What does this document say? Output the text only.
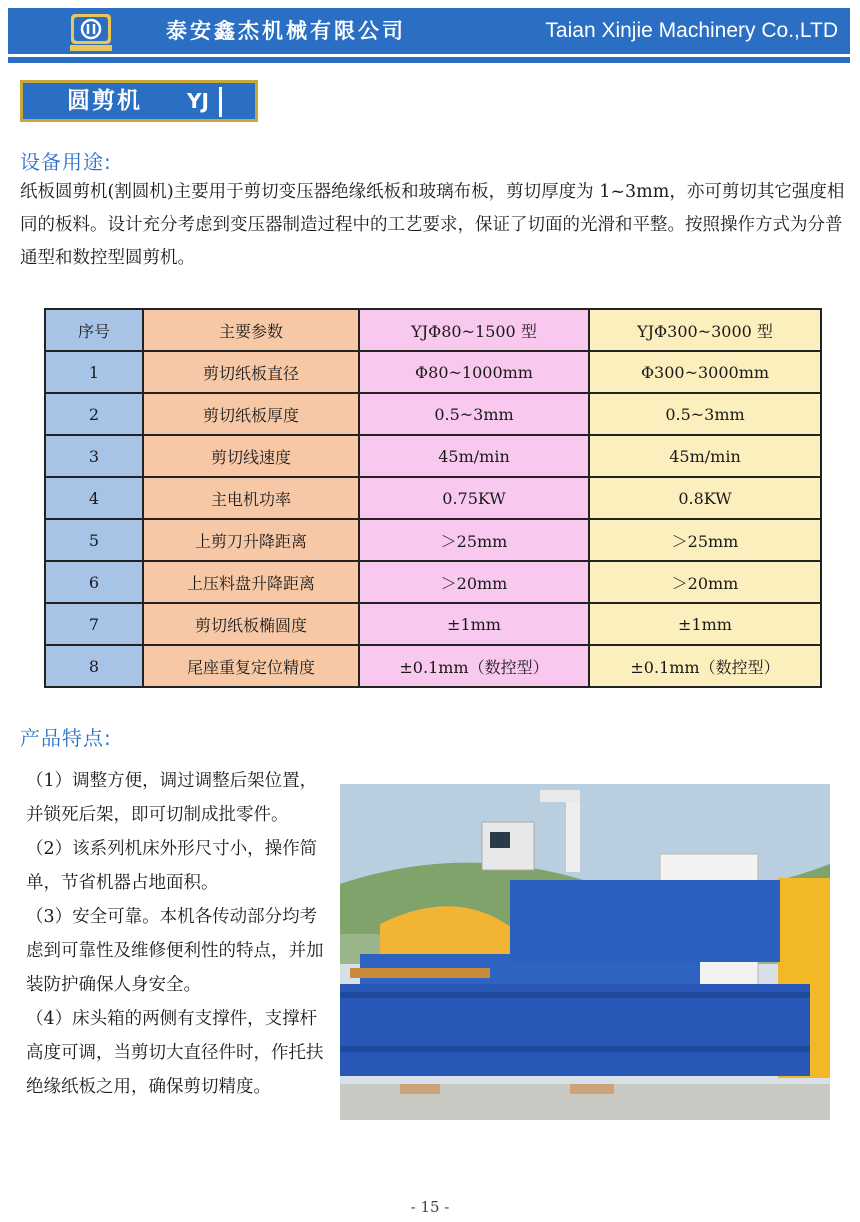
泰安鑫杰机械有限公司	Taian Xinjie Machinery Co.,LTD
圆剪机 YJ
设备用途:

纸板圆剪机(割圆机)主要用于剪切变压器绝缘纸板和玻璃布板，剪切厚度为 1~3mm，亦可剪切其它强度相同的板料。设计充分考虑到变压器制造过程中的工艺要求，保证了切面的光滑和平整。按照操作方式为分普通型和数控型圆剪机。

序号	主要参数	YJΦ80~1500 型	YJΦ300~3000 型
1	剪切纸板直径	Φ80~1000mm	Φ300~3000mm
2	剪切纸板厚度	0.5~3mm	0.5~3mm
3	剪切线速度	45m/min	45m/min
4	主电机功率	0.75KW	0.8KW
5	上剪刀升降距离	＞25mm	＞25mm
6	上压料盘升降距离	＞20mm	＞20mm
7	剪切纸板椭圆度	±1mm	±1mm
8	尾座重复定位精度	±0.1mm（数控型）	±0.1mm（数控型）
产品特点:

（1）调整方便，调过调整后架位置，并锁死后架，即可切制成批零件。

（2）该系列机床外形尺寸小，操作简单，节省机器占地面积。

（3）安全可靠。本机各传动部分均考虑到可靠性及维修便利性的特点，并加装防护确保人身安全。

（4）床头箱的两侧有支撑件，支撑杆高度可调，当剪切大直径件时，作托扶绝缘纸板之用，确保剪切精度。

- 15 -
